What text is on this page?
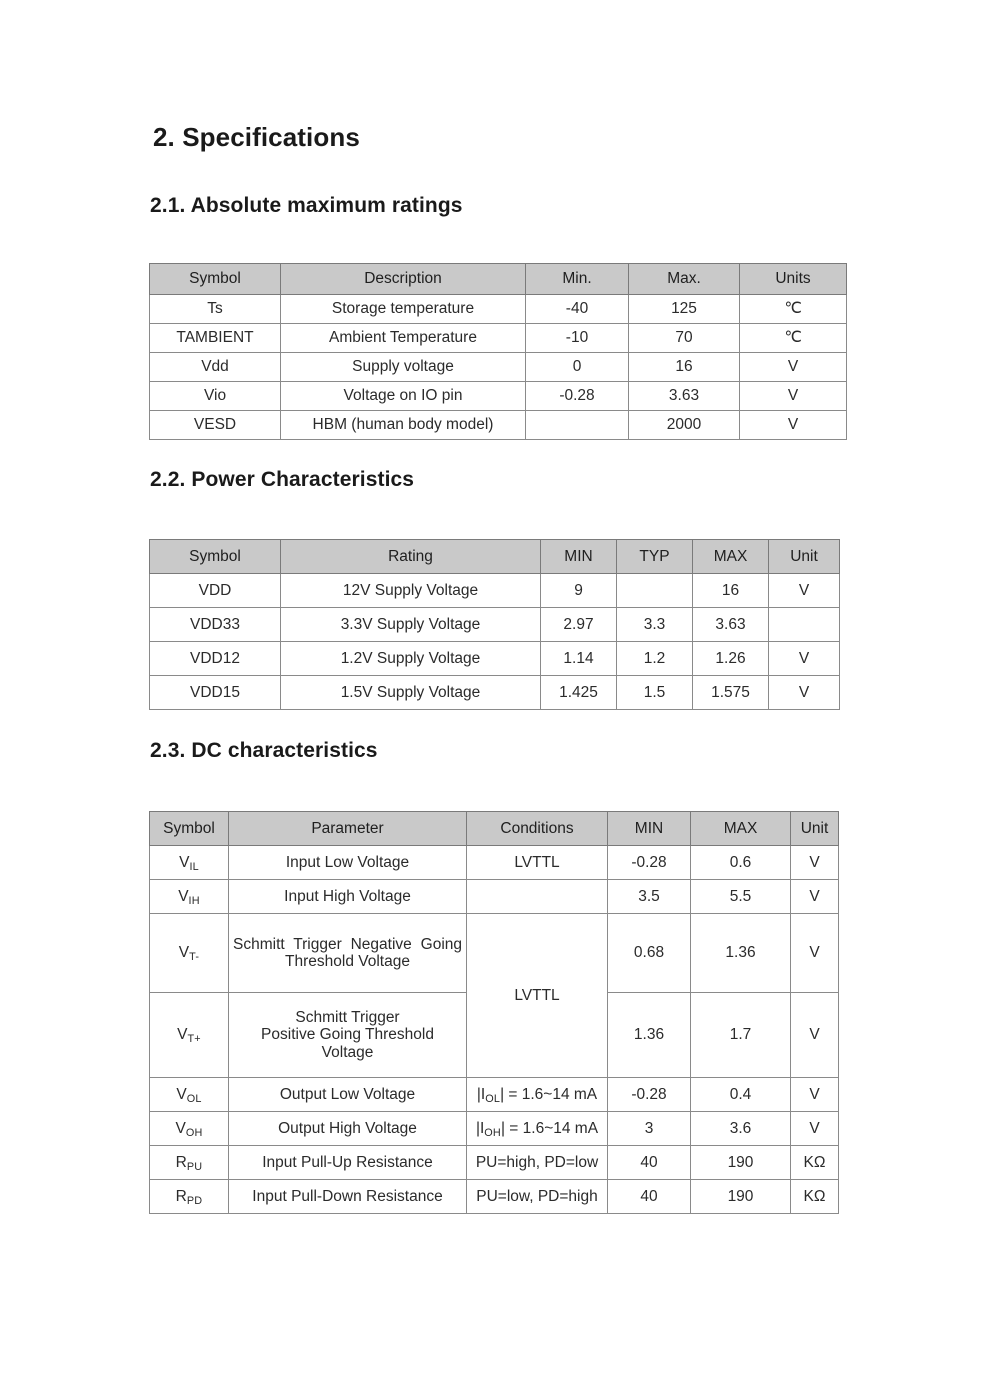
2. Specifications
2.1. Absolute maximum ratings
Symbol	Description	Min.	Max.	Units
Ts	Storage temperature	-40	125	℃
TAMBIENT	Ambient Temperature	-10	70	℃
Vdd	Supply voltage	0	16	V
Vio	Voltage on IO pin	-0.28	3.63	V
VESD	HBM (human body model)		2000	V
2.2. Power Characteristics
Symbol	Rating	MIN	TYP	MAX	Unit
VDD	12V Supply Voltage	9		16	V
VDD33	3.3V Supply Voltage	2.97	3.3	3.63	
VDD12	1.2V Supply Voltage	1.14	1.2	1.26	V
VDD15	1.5V Supply Voltage	1.425	1.5	1.575	V
2.3. DC characteristics
Symbol	Parameter	Conditions	MIN	MAX	Unit
$V_{IL}$	Input Low Voltage	LVTTL	-0.28	0.6	V
$V_{IH}$	Input High Voltage		3.5	5.5	V
$V_{T-}$	Schmitt Trigger Negative Going
Threshold Voltage	LVTTL	0.68	1.36	V
$V_{T+}$	Schmitt Trigger
Positive Going Threshold
Voltage		1.36	1.7	V
$V_{OL}$	Output Low Voltage	$|I_{OL}|$ = 1.6~14 mA	-0.28	0.4	V
$V_{OH}$	Output High Voltage	$|I_{OH}|$ = 1.6~14 mA	3	3.6	V
$R_{PU}$	Input Pull-Up Resistance	PU=high, PD=low	40	190	KΩ
$R_{PD}$	Input Pull-Down Resistance	PU=low, PD=high	40	190	KΩ
